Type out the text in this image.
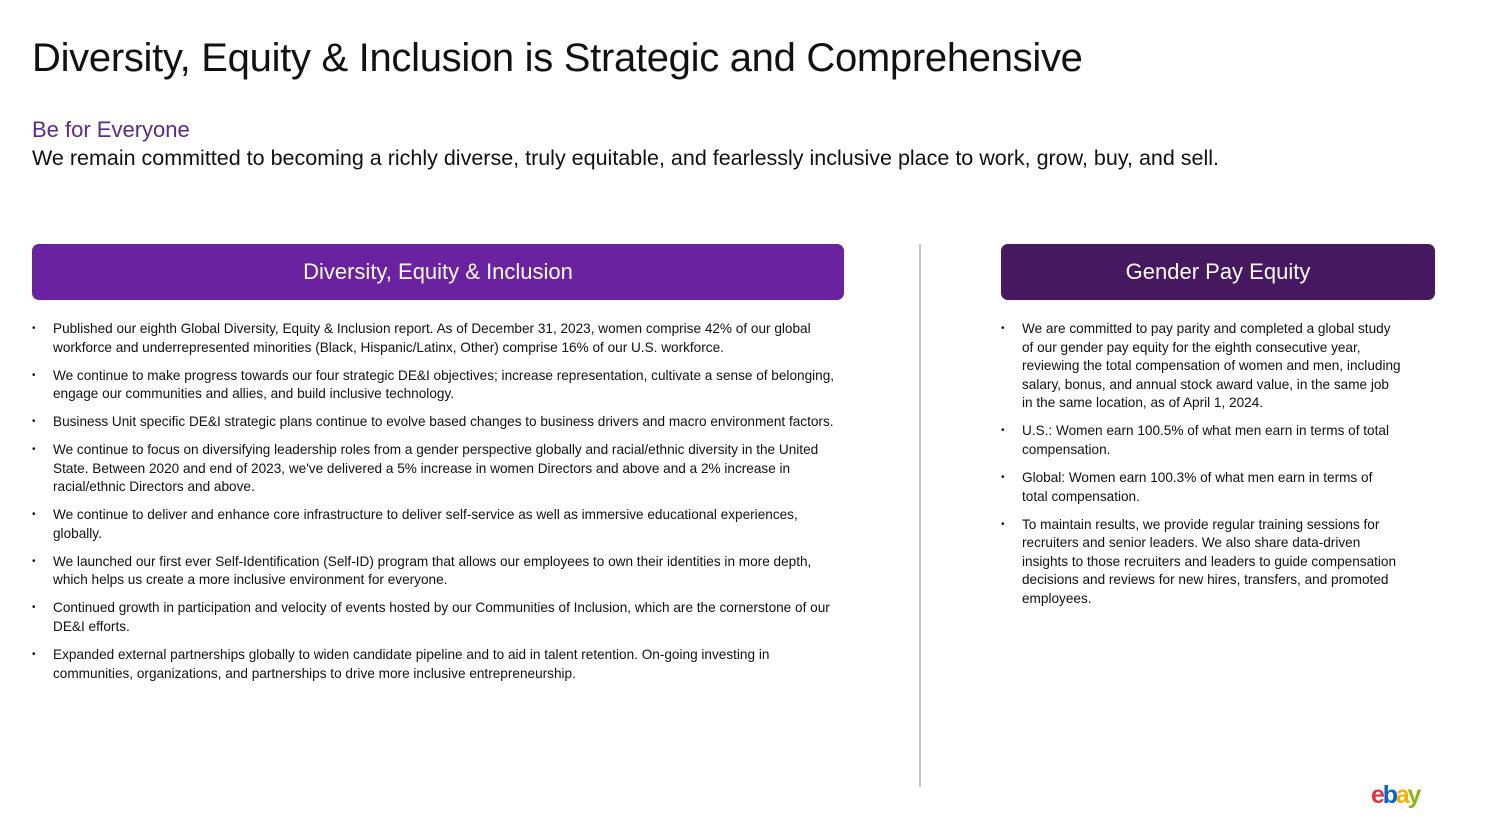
Diversity, Equity & Inclusion is Strategic and Comprehensive
Be for Everyone
We remain committed to becoming a richly diverse, truly equitable, and fearlessly inclusive place to work, grow, buy, and sell.
Diversity, Equity & Inclusion	Gender Pay Equity
• Published our eighth Global Diversity, Equity & Inclusion report. As of December 31, 2023, women comprise 42% of our global workforce and underrepresented minorities (Black, Hispanic/Latinx, Other) comprise 16% of our U.S. workforce.
• We continue to make progress towards our four strategic DE&I objectives; increase representation, cultivate a sense of belonging, engage our communities and allies, and build inclusive technology.
• Business Unit specific DE&I strategic plans continue to evolve based changes to business drivers and macro environment factors.
• We continue to focus on diversifying leadership roles from a gender perspective globally and racial/ethnic diversity in the United State. Between 2020 and end of 2023, we've delivered a 5% increase in women Directors and above and a 2% increase in racial/ethnic Directors and above.
• We continue to deliver and enhance core infrastructure to deliver self-service as well as immersive educational experiences, globally.
• We launched our first ever Self-Identification (Self-ID) program that allows our employees to own their identities in more depth, which helps us create a more inclusive environment for everyone.
• Continued growth in participation and velocity of events hosted by our Communities of Inclusion, which are the cornerstone of our DE&I efforts.
• Expanded external partnerships globally to widen candidate pipeline and to aid in talent retention. On-going investing in communities, organizations, and partnerships to drive more inclusive entrepreneurship.
• We are committed to pay parity and completed a global study of our gender pay equity for the eighth consecutive year, reviewing the total compensation of women and men, including salary, bonus, and annual stock award value, in the same job in the same location, as of April 1, 2024.
• U.S.: Women earn 100.5% of what men earn in terms of total compensation.
• Global: Women earn 100.3% of what men earn in terms of total compensation.
• To maintain results, we provide regular training sessions for recruiters and senior leaders. We also share data-driven insights to those recruiters and leaders to guide compensation decisions and reviews for new hires, transfers, and promoted employees.
ebay
